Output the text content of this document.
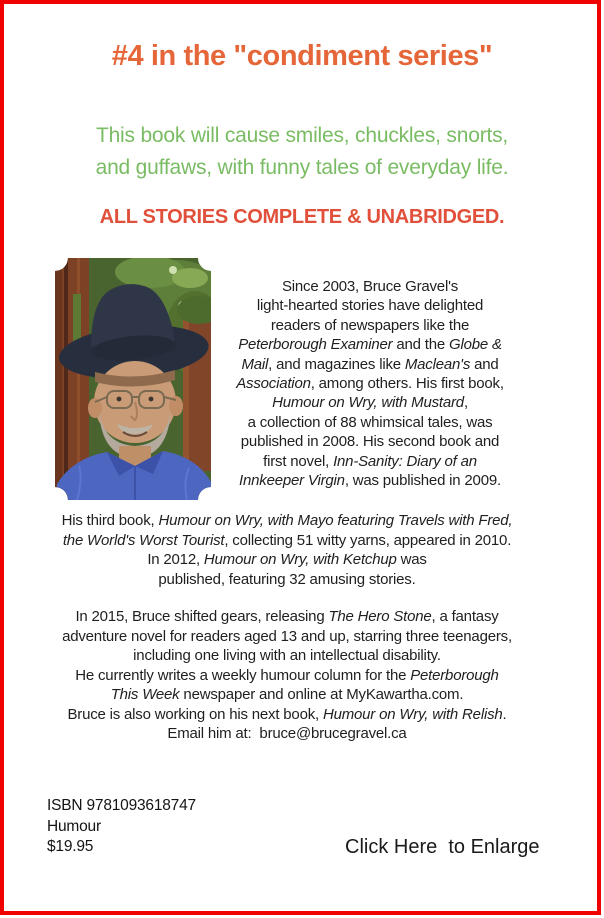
#4 in the "condiment series"
This book will cause smiles, chuckles, snorts,
and guffaws, with funny tales of everyday life.
ALL STORIES COMPLETE & UNABRIDGED.
Since 2003, Bruce Gravel's
light-hearted stories have delighted
readers of newspapers like the
Peterborough Examiner and the Globe &
Mail, and magazines like Maclean's and
Association, among others. His first book,
Humour on Wry, with Mustard,
a collection of 88 whimsical tales, was
published in 2008. His second book and
first novel, Inn-Sanity: Diary of an
Innkeeper Virgin, was published in 2009.
His third book, Humour on Wry, with Mayo featuring Travels with Fred,
the World's Worst Tourist, collecting 51 witty yarns, appeared in 2010.
In 2012, Humour on Wry, with Ketchup was
published, featuring 32 amusing stories.
In 2015, Bruce shifted gears, releasing The Hero Stone, a fantasy
adventure novel for readers aged 13 and up, starring three teenagers,
including one living with an intellectual disability.
He currently writes a weekly humour column for the Peterborough
This Week newspaper and online at MyKawartha.com.
Bruce is also working on his next book, Humour on Wry, with Relish.
Email him at:  bruce@brucegravel.ca
ISBN 9781093618747
Humour
$19.95	Click Here  to Enlarge
